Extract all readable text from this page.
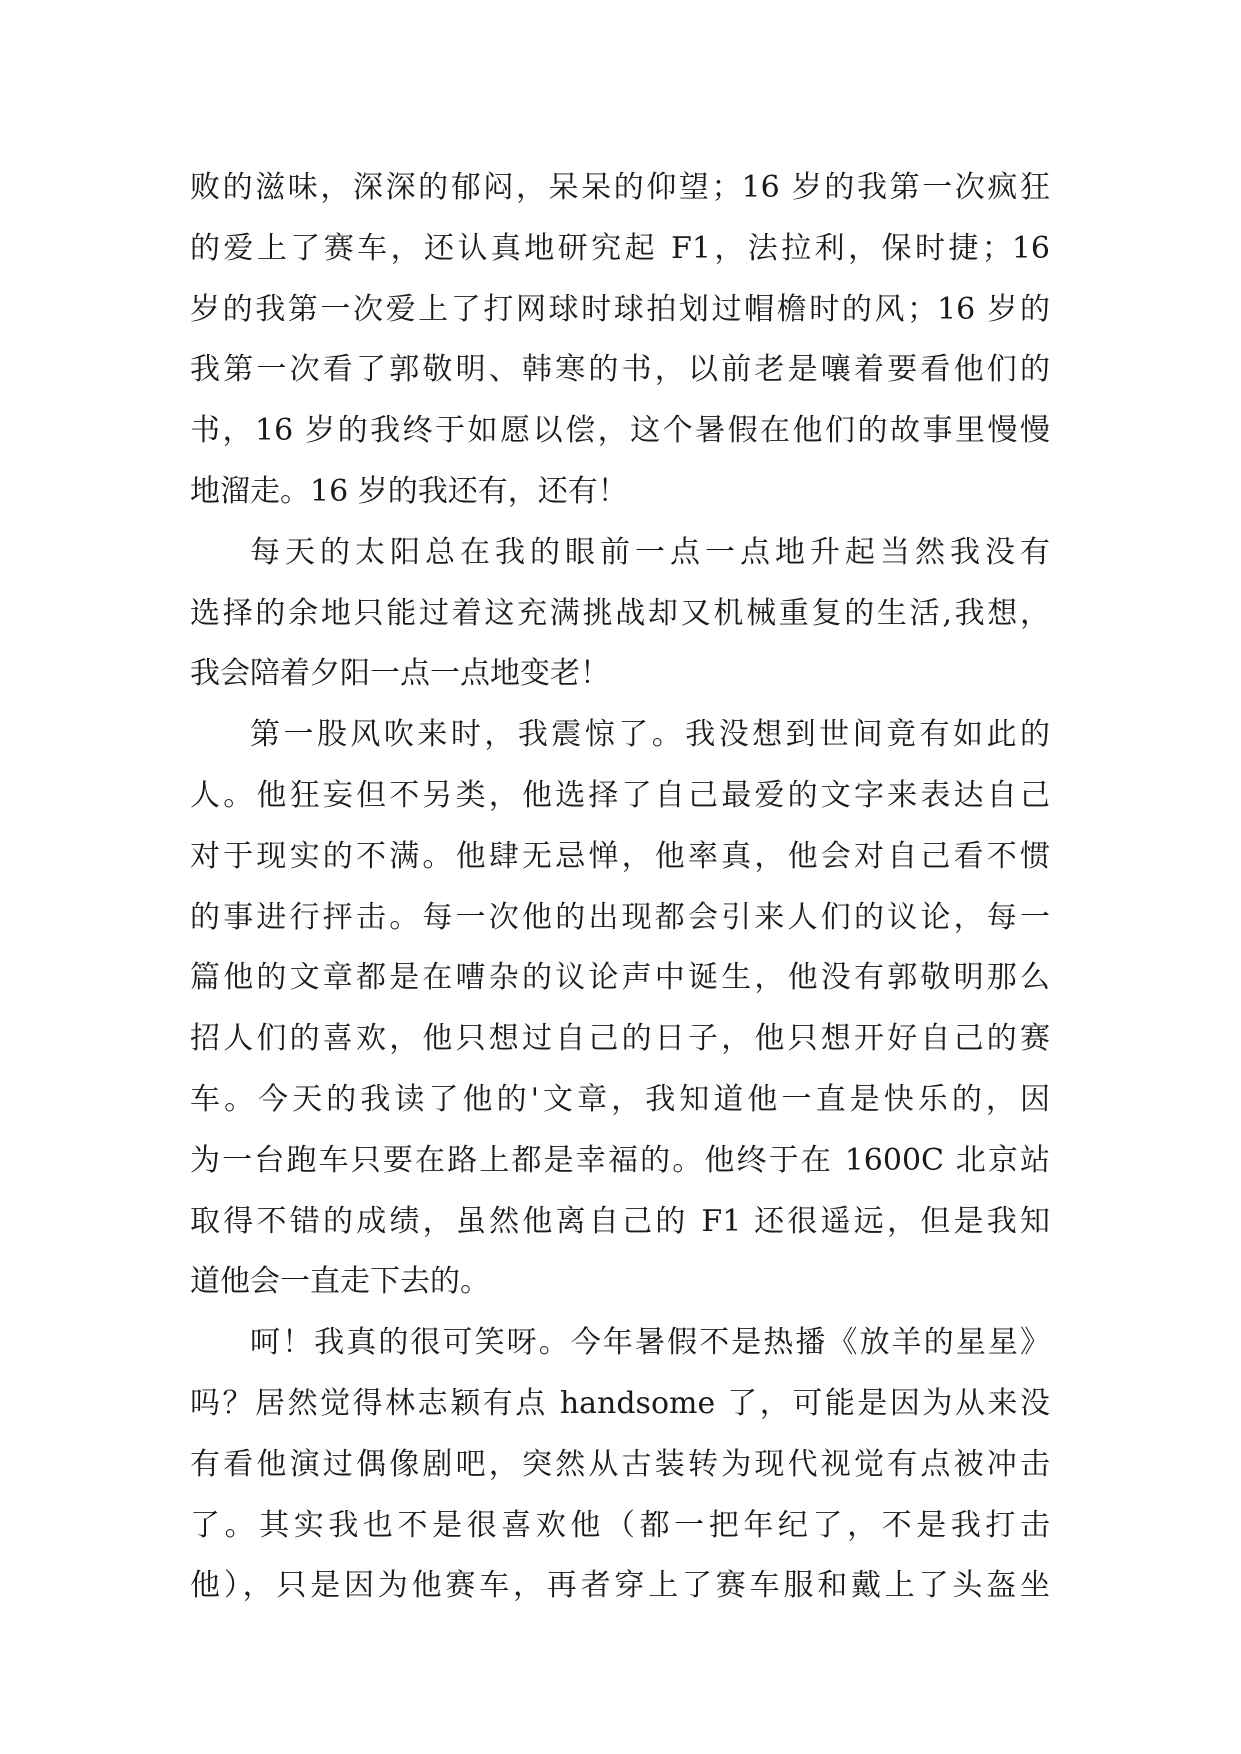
败的滋味，深深的郁闷，呆呆的仰望；16 岁的我第一次疯狂
的爱上了赛车，还认真地研究起 F1，法拉利，保时捷；16
岁的我第一次爱上了打网球时球拍划过帽檐时的风；16 岁的
我第一次看了郭敬明、韩寒的书，以前老是嚷着要看他们的
书，16 岁的我终于如愿以偿，这个暑假在他们的故事里慢慢
地溜走。16 岁的我还有，还有！
每天的太阳总在我的眼前一点一点地升起当然我没有
选择的余地只能过着这充满挑战却又机械重复的生活,我想，
我会陪着夕阳一点一点地变老！
第一股风吹来时，我震惊了。我没想到世间竟有如此的
人。他狂妄但不另类，他选择了自己最爱的文字来表达自己
对于现实的不满。他肆无忌惮，他率真，他会对自己看不惯
的事进行抨击。每一次他的出现都会引来人们的议论，每一
篇他的文章都是在嘈杂的议论声中诞生，他没有郭敬明那么
招人们的喜欢，他只想过自己的日子，他只想开好自己的赛
车。今天的我读了他的'文章，我知道他一直是快乐的，因
为一台跑车只要在路上都是幸福的。他终于在 1600C 北京站
取得不错的成绩，虽然他离自己的 F1 还很遥远，但是我知
道他会一直走下去的。
呵！我真的很可笑呀。今年暑假不是热播《放羊的星星》
吗？居然觉得林志颖有点 handsome 了，可能是因为从来没
有看他演过偶像剧吧，突然从古装转为现代视觉有点被冲击
了。其实我也不是很喜欢他（都一把年纪了，不是我打击
他），只是因为他赛车，再者穿上了赛车服和戴上了头盔坐
